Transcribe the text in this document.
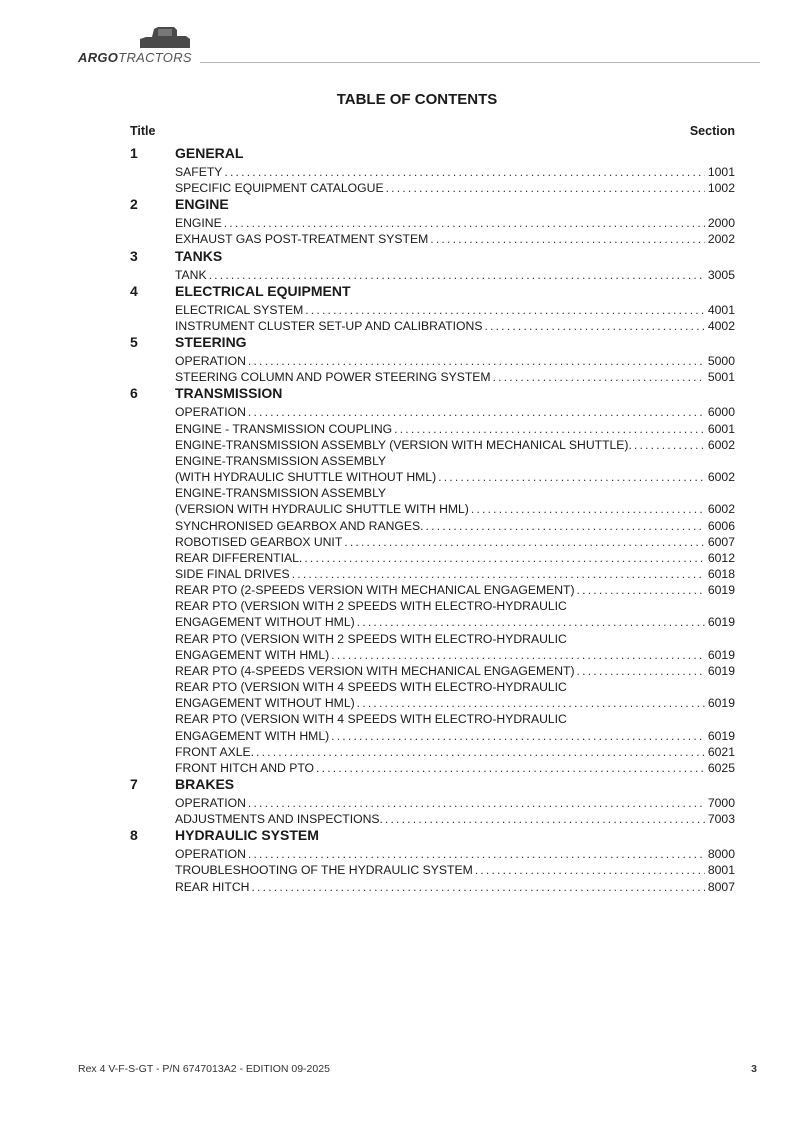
ARGOTRACTORS
TABLE OF CONTENTS
Title	Section
1	GENERAL
SAFETY . . .	1001
SPECIFIC EQUIPMENT CATALOGUE . . .	1002
2	ENGINE
ENGINE . . .	2000
EXHAUST GAS POST-TREATMENT SYSTEM . . .	2002
3	TANKS
TANK . . .	3005
4	ELECTRICAL EQUIPMENT
ELECTRICAL SYSTEM . . .	4001
INSTRUMENT CLUSTER SET-UP AND CALIBRATIONS . . .	4002
5	STEERING
OPERATION . . .	5000
STEERING COLUMN AND POWER STEERING SYSTEM . . .	5001
6	TRANSMISSION
OPERATION . . .	6000
ENGINE - TRANSMISSION COUPLING . . .	6001
ENGINE-TRANSMISSION ASSEMBLY (VERSION WITH MECHANICAL SHUTTLE). . . .	6002
ENGINE-TRANSMISSION ASSEMBLY
(WITH HYDRAULIC SHUTTLE WITHOUT HML) . . .	6002
ENGINE-TRANSMISSION ASSEMBLY
(VERSION WITH HYDRAULIC SHUTTLE WITH HML) . . .	6002
SYNCHRONISED GEARBOX AND RANGES. . . .	6006
ROBOTISED GEARBOX UNIT . . .	6007
REAR DIFFERENTIAL. . . .	6012
SIDE FINAL DRIVES . . .	6018
REAR PTO (2-SPEEDS VERSION WITH MECHANICAL ENGAGEMENT) . . .	6019
REAR PTO (VERSION WITH 2 SPEEDS WITH ELECTRO-HYDRAULIC
ENGAGEMENT WITHOUT HML) . . .	6019
REAR PTO (VERSION WITH 2 SPEEDS WITH ELECTRO-HYDRAULIC
ENGAGEMENT WITH HML) . . .	6019
REAR PTO (4-SPEEDS VERSION WITH MECHANICAL ENGAGEMENT) . . .	6019
REAR PTO (VERSION WITH 4 SPEEDS WITH ELECTRO-HYDRAULIC
ENGAGEMENT WITHOUT HML) . . .	6019
REAR PTO (VERSION WITH 4 SPEEDS WITH ELECTRO-HYDRAULIC
ENGAGEMENT WITH HML) . . .	6019
FRONT AXLE. . . .	6021
FRONT HITCH AND PTO . . .	6025
7	BRAKES
OPERATION . . .	7000
ADJUSTMENTS AND INSPECTIONS. . . .	7003
8	HYDRAULIC SYSTEM
OPERATION . . .	8000
TROUBLESHOOTING OF THE HYDRAULIC SYSTEM . . .	8001
REAR HITCH . . .	8007
Rex 4 V-F-S-GT - P/N 6747013A2 - EDITION 09-2025	3
